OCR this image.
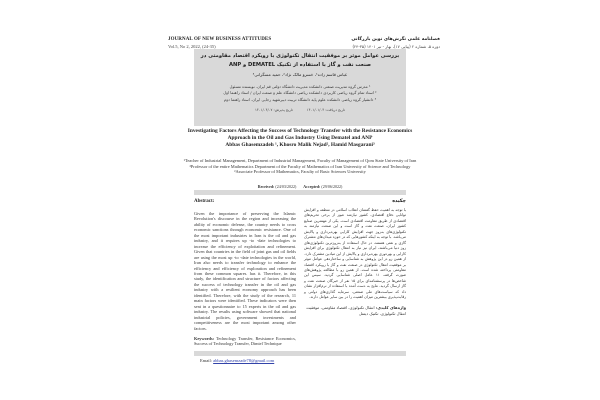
JOURNAL OF NEW BUSINESS ATTITUDES
Vol.5, No 2, 2022, (24-35)
فصلنامه علمی نگرش‌های نوین بازرگانی
دوره ۵، شماره ۲ (پیاپی ۱۷)، بهار - تیر ۱۴۰۱ (۳۵-۲۴)
بررسی عوامل موثر بر موفقیت انتقال تکنولوژی با رویکرد اقتصاد مقاومتی در صنعت نفت و گاز با استفاده از تکنیک DEMATEL و ANP
عباس قاسم زاده¹، خسرو مالک نژاد²، حمید مسگرانی³
¹ مدرس گروه مدیریت صنعتی دانشکده مدیریت دانشگاه دولتی قم ایران. نویسنده مسئول
² استاد تمام گروه ریاضی کاربردی دانشکده ریاضی دانشگاه علم و صنعت ایران / استاد راهنما اول
³ دانشیار گروه ریاضی دانشکده علوم پایه دانشگاه تربیت دبیرشهید رجایی ایران. استاد راهنما دوم
تاریخ دریافت: ۱۴۰۱/۰۱/۰۴
تاریخ پذیرش: ۱۴۰۱/۰۴/۰۷
Investigating Factors Affecting the Success of Technology Transfer with the Resistance Economics Approach in the Oil and Gas Industry Using Dematel and ANP
Abbas Ghasemzadeh ¹, Khosro Malik Nejad², Hamid Masgarani³
¹Teacher of Industrial Management, Department of Industrial Management, Faculty of Management of Qom State University of Iran
²Professor of the entire Mathematics Department of the Faculty of Mathematics of Iran University of Science and Technology
³Associate Professor of Mathematics, Faculty of Basic Sciences University
Received: (24/03/2022) Accepted: (29/06/2022)
Abstract:
Given the importance of preserving the Islamic Revolution's discourse in the region and increasing the ability of economic defense, the country needs to cross economic sanctions through economic resistance. One of the most important industries in Iran is the oil and gas industry, and it requires up -to -date technologies to increase the efficiency of exploitation and refinement. Given that countries in the field of joint gas and oil fields are using the most up -to -date technologies in the world, Iran also needs to transfer technology to enhance the efficiency and efficiency of exploration and refinement from these common squares. has it. Therefore, in this study, the identification and structure of factors affecting the success of technology transfer in the oil and gas industry with a resilient economy approach has been identified. Therefore, with the study of the research, 11 main factors were identified. These indicators were then sent in a questionnaire to 15 experts in the oil and gas industry. The results using software showed that national industrial policies, government investments and competitiveness are the most important among other factors.
Keywords: Technology Transfer, Resistance Economics, Success of Technology Transfer, Dimtel Technique
چکیده
با توجه به اهمیت حفظ گفتمان انقلاب اسلامی در منطقه و افزایش توانایی دفاع اقتصادی، کشور نیازمند عبور از برخی تحریم‌های اقتصادی از طریق مقاومت اقتصادی است. یکی از مهمترین صنایع کشور ایران، صنعت نفت و گاز است و این صنعت نیازمند به تکنولوژی‌های به‌روز جهت افزایش کارایی بهره‌برداری و پالایش می‌باشد. با توجه به اینکه کشورهایی که در حوزه میدان‌های مشترک گازی و نفتی هستند، در حال استفاده از به‌روزترین تکنولوژی‌های روز دنیا می‌باشند، ایران نیز نیاز به انتقال تکنولوژی برای افزایش کارایی و بهره‌وری بهره‌برداری و پالایش از این میادین مشترک دارد. از همین رو در این پژوهش به شناسایی و ساختاردهی عوامل موثر بر موفقیت انتقال تکنولوژی در صنعت نفت و گاز با رویکرد اقتصاد مقاومتی پرداخته شده است. از همین رو با مطالعه پژوهش‌های صورت گرفته، ۱۱ عامل اصلی شناسایی گردید. سپس این شاخص‌ها در پرسشنامه‌ای برای ۱۵ نفر از خبرگان صنعت نفت و گاز ارسال گردید. نتایج به دست آمده با استفاده از نرم‌افزار نشان داد که سیاست‌های ملی صنعتی، سرمایه گذاری‌های دولتی و رقابت‌پذیری بیشترین میزان اهمیت را در بین سایر عوامل دارند.
واژه‌های کلیدی: انتقال تکنولوژی، اقتصاد مقاومتی، موفقیت انتقال تکنولوژی، تکنیک دیمتل
Email: abbas.ghasemzade78@gmail.com
